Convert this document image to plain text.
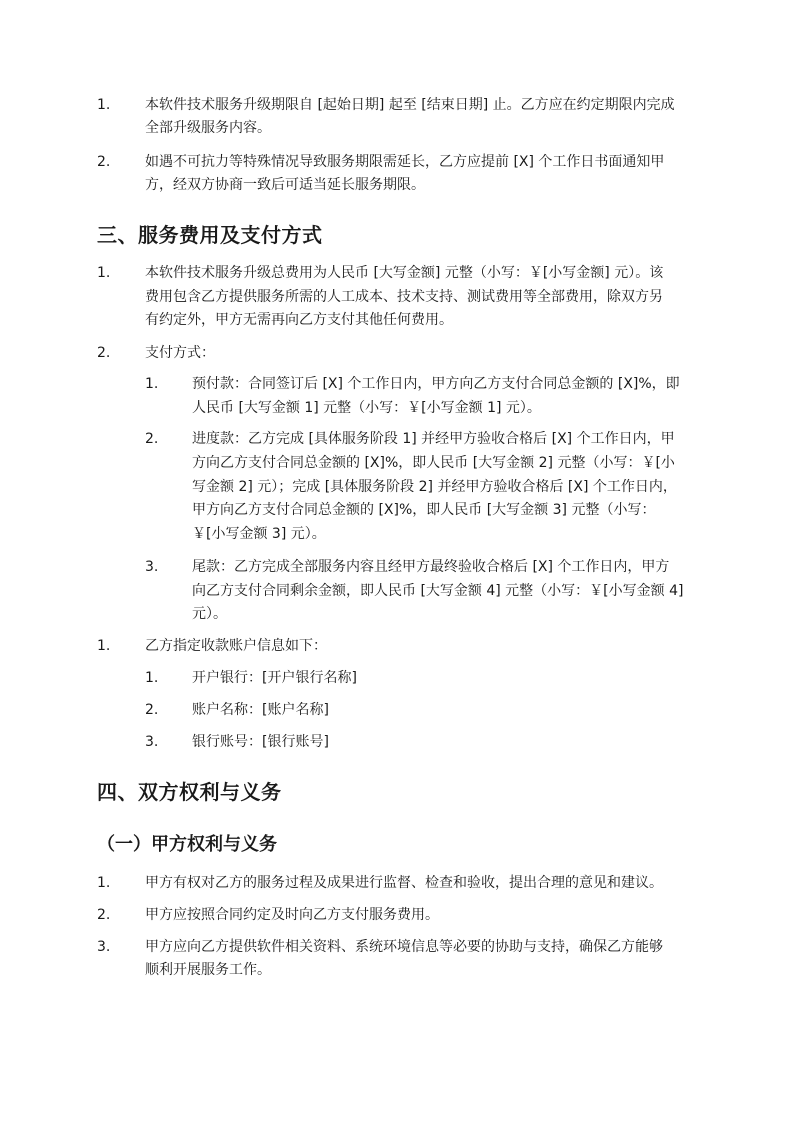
1. 本软件技术服务升级期限自 [起始日期] 起至 [结束日期] 止。乙方应在约定期限内完成
全部升级服务内容。
2. 如遇不可抗力等特殊情况导致服务期限需延长，乙方应提前 [X] 个工作日书面通知甲
方，经双方协商一致后可适当延长服务期限。
三、服务费用及支付方式
1. 本软件技术服务升级总费用为人民币 [大写金额] 元整（小写：￥[小写金额] 元）。该
费用包含乙方提供服务所需的人工成本、技术支持、测试费用等全部费用，除双方另
有约定外，甲方无需再向乙方支付其他任何费用。
2. 支付方式：
1. 预付款：合同签订后 [X] 个工作日内，甲方向乙方支付合同总金额的 [X]%，即
人民币 [大写金额 1] 元整（小写：￥[小写金额 1] 元）。
2. 进度款：乙方完成 [具体服务阶段 1] 并经甲方验收合格后 [X] 个工作日内，甲
方向乙方支付合同总金额的 [X]%，即人民币 [大写金额 2] 元整（小写：￥[小
写金额 2] 元）；完成 [具体服务阶段 2] 并经甲方验收合格后 [X] 个工作日内，
甲方向乙方支付合同总金额的 [X]%，即人民币 [大写金额 3] 元整（小写：
￥[小写金额 3] 元）。
3. 尾款：乙方完成全部服务内容且经甲方最终验收合格后 [X] 个工作日内，甲方
向乙方支付合同剩余金额，即人民币 [大写金额 4] 元整（小写：￥[小写金额 4]
元）。
1. 乙方指定收款账户信息如下：
1. 开户银行：[开户银行名称]
2. 账户名称：[账户名称]
3. 银行账号：[银行账号]
四、双方权利与义务
（一）甲方权利与义务
1. 甲方有权对乙方的服务过程及成果进行监督、检查和验收，提出合理的意见和建议。
2. 甲方应按照合同约定及时向乙方支付服务费用。
3. 甲方应向乙方提供软件相关资料、系统环境信息等必要的协助与支持，确保乙方能够
顺利开展服务工作。
